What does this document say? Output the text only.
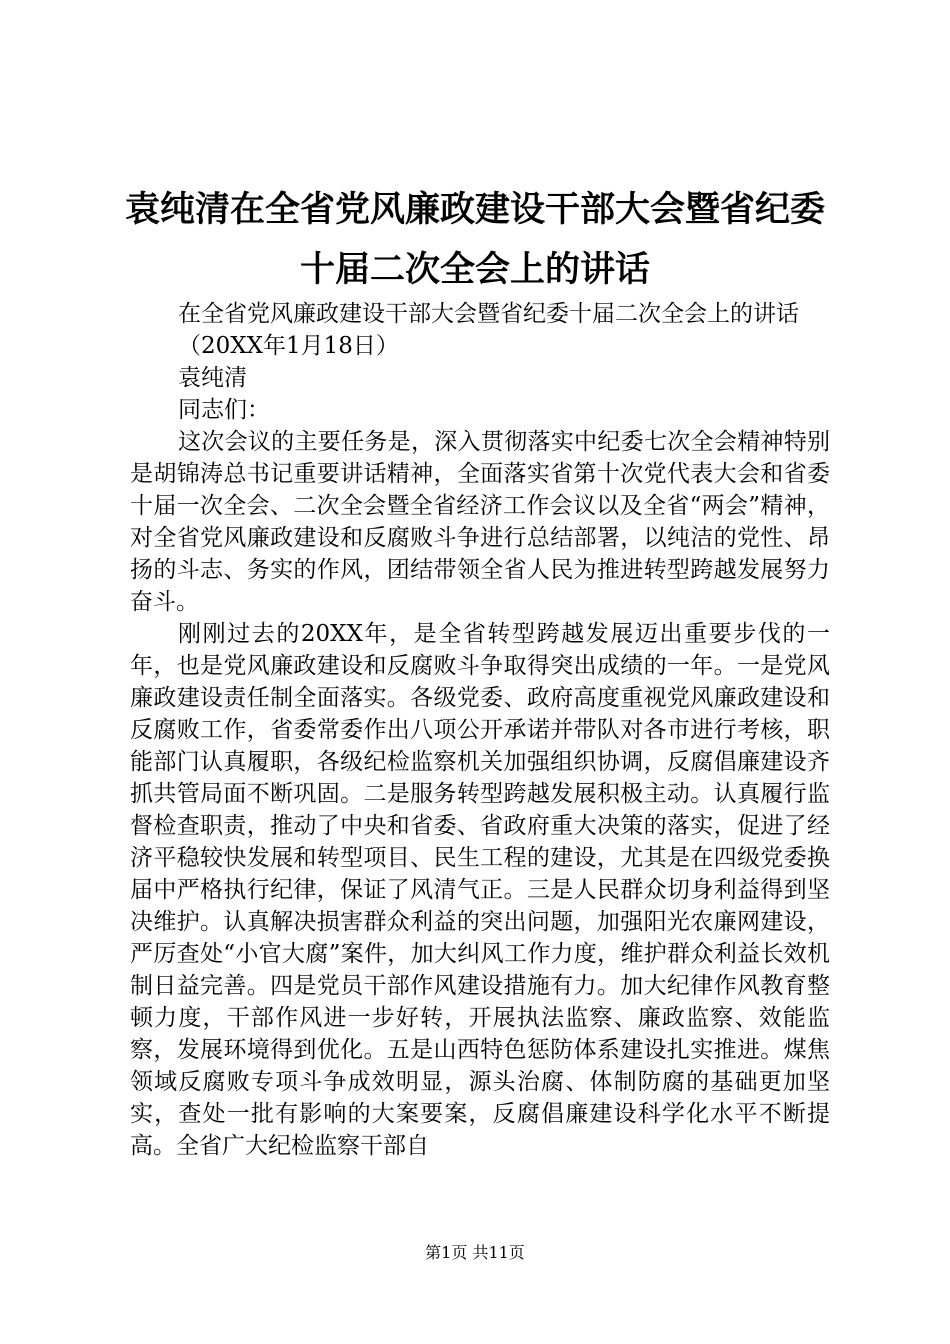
袁纯清在全省党风廉政建设干部大会暨省纪委
十届二次全会上的讲话

在全省党风廉政建设干部大会暨省纪委十届二次全会上的讲话

（20XX年1月18日）

袁纯清

同志们：

这次会议的主要任务是，深入贯彻落实中纪委七次全会精神特别是胡锦涛总书记重要讲话精神，全面落实省第十次党代表大会和省委十届一次全会、二次全会暨全省经济工作会议以及全省“两会”精神，对全省党风廉政建设和反腐败斗争进行总结部署，以纯洁的党性、昂扬的斗志、务实的作风，团结带领全省人民为推进转型跨越发展努力奋斗。

刚刚过去的20XX年，是全省转型跨越发展迈出重要步伐的一年，也是党风廉政建设和反腐败斗争取得突出成绩的一年。一是党风廉政建设责任制全面落实。各级党委、政府高度重视党风廉政建设和反腐败工作，省委常委作出八项公开承诺并带队对各市进行考核，职能部门认真履职，各级纪检监察机关加强组织协调，反腐倡廉建设齐抓共管局面不断巩固。二是服务转型跨越发展积极主动。认真履行监督检查职责，推动了中央和省委、省政府重大决策的落实，促进了经济平稳较快发展和转型项目、民生工程的建设，尤其是在四级党委换届中严格执行纪律，保证了风清气正。三是人民群众切身利益得到坚决维护。认真解决损害群众利益的突出问题，加强阳光农廉网建设，严厉查处“小官大腐”案件，加大纠风工作力度，维护群众利益长效机制日益完善。四是党员干部作风建设措施有力。加大纪律作风教育整顿力度，干部作风进一步好转，开展执法监察、廉政监察、效能监察，发展环境得到优化。五是山西特色惩防体系建设扎实推进。煤焦领域反腐败专项斗争成效明显，源头治腐、体制防腐的基础更加坚实，查处一批有影响的大案要案，反腐倡廉建设科学化水平不断提高。全省广大纪检监察干部自

第1页 共11页
